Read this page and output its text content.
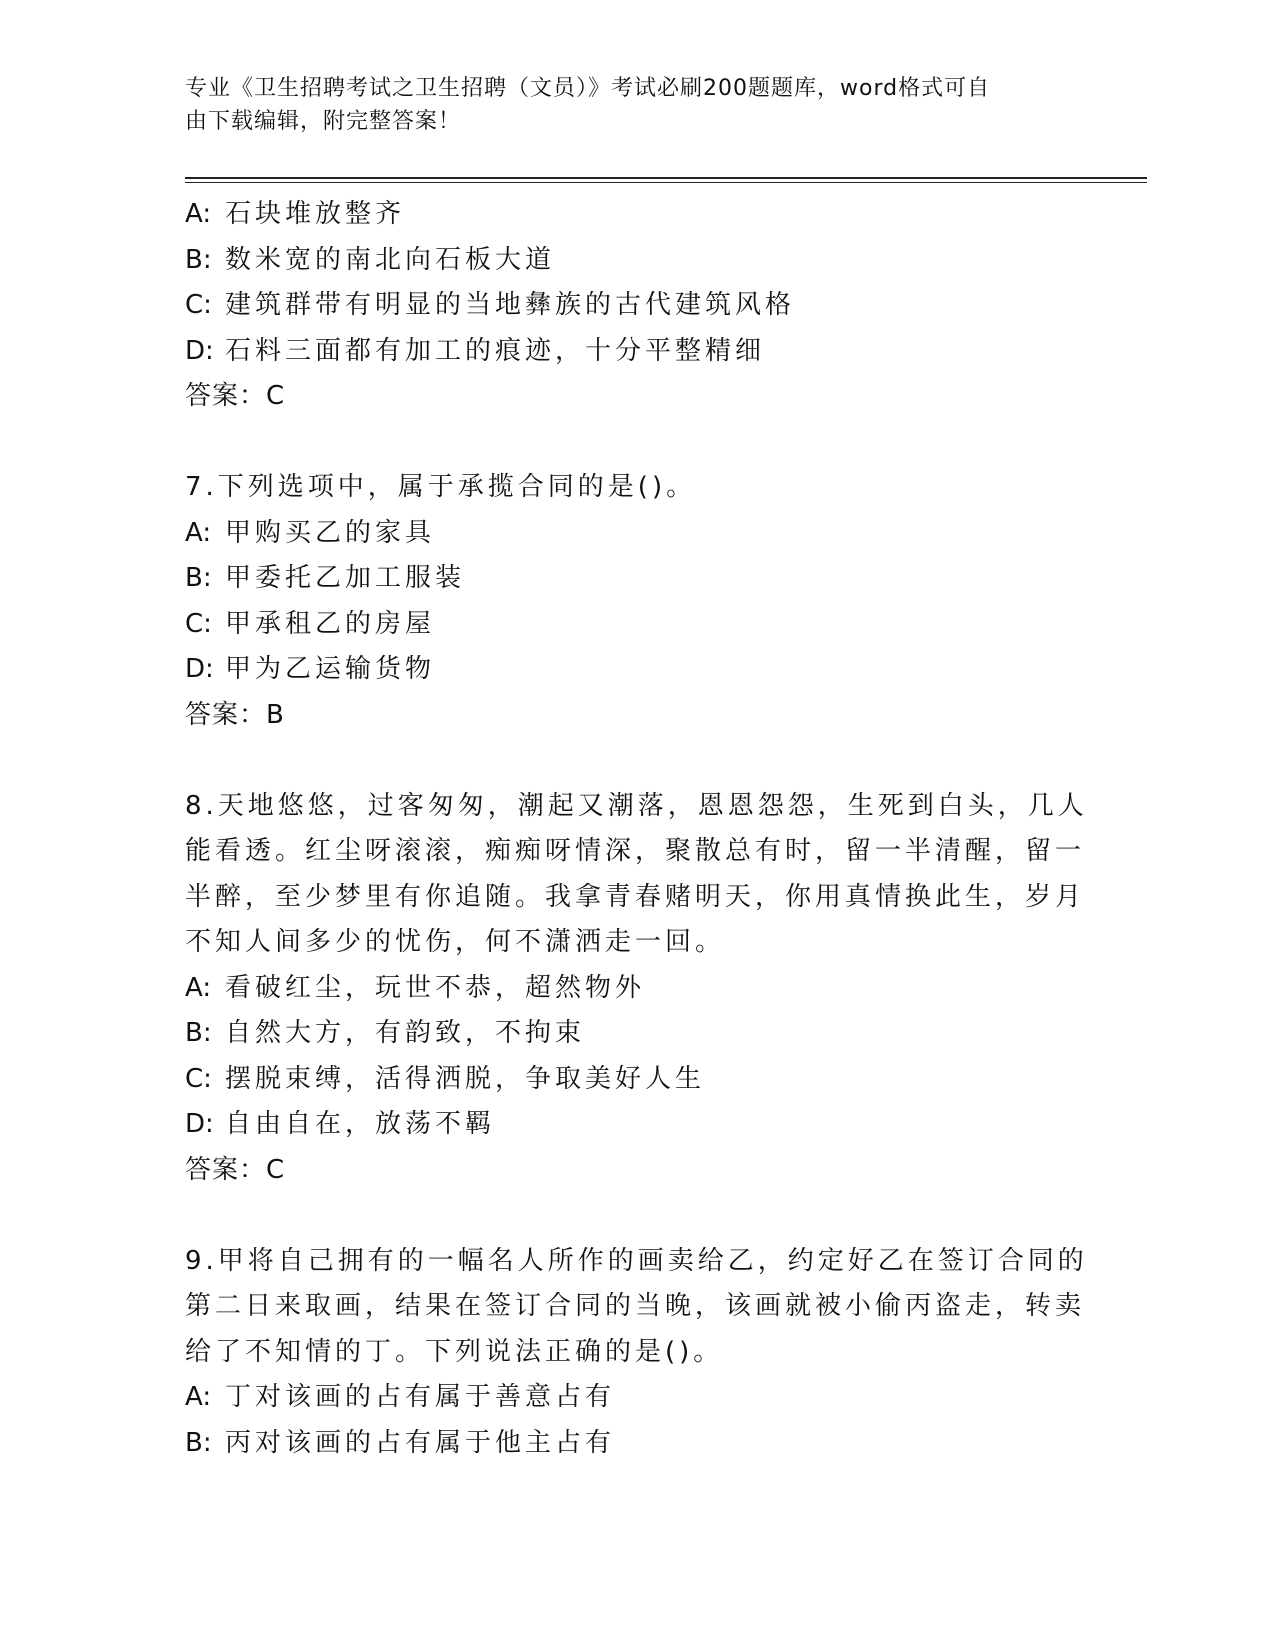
专业《卫生招聘考试之卫生招聘（文员）》考试必刷200题题库，word格式可自
由下载编辑，附完整答案！
A: 石块堆放整齐
B: 数米宽的南北向石板大道
C: 建筑群带有明显的当地彝族的古代建筑风格
D: 石料三面都有加工的痕迹，十分平整精细
答案：C
7.下列选项中，属于承揽合同的是()。
A: 甲购买乙的家具
B: 甲委托乙加工服装
C: 甲承租乙的房屋
D: 甲为乙运输货物
答案：B
8.天地悠悠，过客匆匆，潮起又潮落，恩恩怨怨，生死到白头，几人
能看透。红尘呀滚滚，痴痴呀情深，聚散总有时，留一半清醒，留一
半醉，至少梦里有你追随。我拿青春赌明天，你用真情换此生，岁月
不知人间多少的忧伤，何不潇洒走一回。
A: 看破红尘，玩世不恭，超然物外
B: 自然大方，有韵致，不拘束
C: 摆脱束缚，活得洒脱，争取美好人生
D: 自由自在，放荡不羁
答案：C
9.甲将自己拥有的一幅名人所作的画卖给乙，约定好乙在签订合同的
第二日来取画，结果在签订合同的当晚，该画就被小偷丙盗走，转卖
给了不知情的丁。下列说法正确的是()。
A: 丁对该画的占有属于善意占有
B: 丙对该画的占有属于他主占有
